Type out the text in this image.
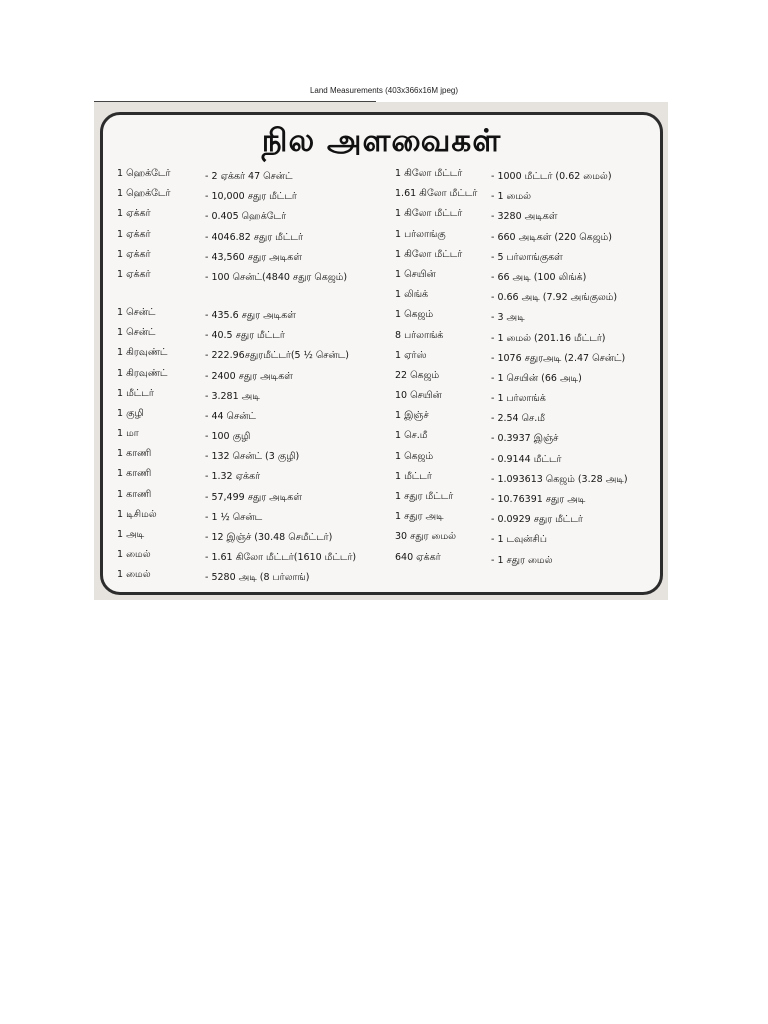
Land Measurements (403x366x16M jpeg)
நில அளவைகள்
1 ஹெக்டேர்	- 2 ஏக்கர் 47 சென்ட்
1 ஹெக்டேர்	- 10,000 சதுர மீட்டர்
1 ஏக்கர்	- 0.405 ஹெக்டேர்
1 ஏக்கர்	- 4046.82 சதுர மீட்டர்
1 ஏக்கர்	- 43,560 சதுர அடிகள்
1 ஏக்கர்	- 100 சென்ட்(4840 சதுர கெஜம்)
1 சென்ட்	- 435.6 சதுர அடிகள்
1 சென்ட்	- 40.5 சதுர மீட்டர்
1 கிரவுண்ட்	- 222.96சதுரமீட்டர்(5 ½ சென்ட)
1 கிரவுண்ட்	- 2400 சதுர அடிகள்
1 மீட்டர்	- 3.281 அடி
1 குழி	- 44 சென்ட்
1 மா	- 100 குழி
1 காணி	- 132 சென்ட் (3 குழி)
1 காணி	- 1.32 ஏக்கர்
1 காணி	- 57,499 சதுர அடிகள்
1 டிசிமல்	- 1 ½ சென்ட
1 அடி	- 12 இஞ்ச் (30.48 செமீட்டர்)
1 மைல்	- 1.61 கிலோ மீட்டர்(1610 மீட்டர்)
1 மைல்	- 5280 அடி (8 பர்லாங்)
1 கிலோ மீட்டர்	- 1000 மீட்டர் (0.62 மைல்)
1.61 கிலோ மீட்டர் - 1 மைல்
1 கிலோ மீட்டர்	- 3280 அடிகள்
1 பர்லாங்கு	- 660 அடிகள் (220 கெஜம்)
1 கிலோ மீட்டர்	- 5 பர்லாங்குகள்
1 செயின்	- 66 அடி (100 லிங்க்)
1 லிங்க்	- 0.66 அடி (7.92 அங்குலம்)
1 கெஜம்	- 3 அடி
8 பர்லாங்க்	- 1 மைல் (201.16 மீட்டர்)
1 ஏர்ஸ்	- 1076 சதுரஅடி (2.47 சென்ட்)
22 கெஜம்	- 1 செயின் (66 அடி)
10 செயின்	- 1 பர்லாங்க்
1 இஞ்ச்	- 2.54 செ.மீ
1 செ.மீ	- 0.3937 இஞ்ச்
1 கெஜம்	- 0.9144 மீட்டர்
1 மீட்டர்	- 1.093613 கெஜம் (3.28 அடி)
1 சதுர மீட்டர்	- 10.76391 சதுர அடி
1 சதுர அடி	- 0.0929 சதுர மீட்டர்
30 சதுர மைல்	- 1 டவுன்சிப்
640 ஏக்கர்	- 1 சதுர மைல்
